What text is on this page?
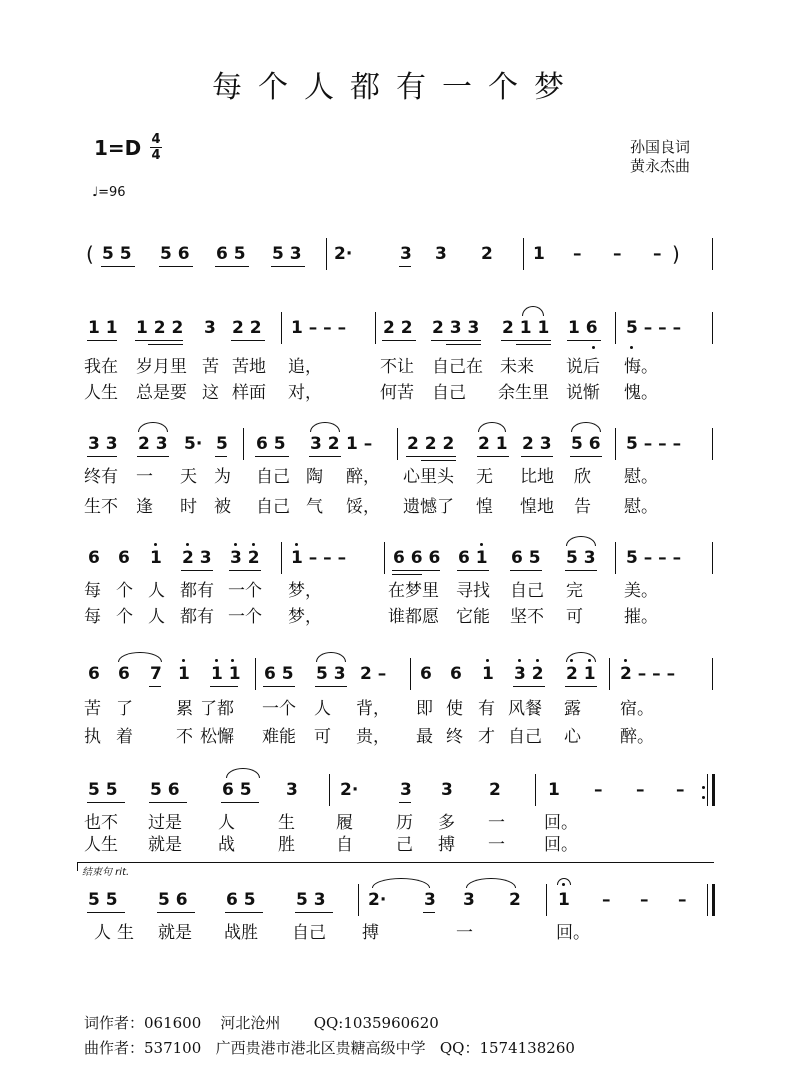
每个人都有一个梦
1=D 4
4
♩=96
孙国良词
黄永杰曲
( 5 5 5 6 6 5 5 3 2·	3 3 2 1 – – – )
1 1 1 2 2 3 2 2 1 – – – 2 2 2 3 3 2 1 1 1 6 5 – – –
我在 岁月里 苦 苦地 追，	不让 自己在 未来 说后 悔。
人生 总是要 这 样面 对，	何苦 自己 余生里 说惭 愧。
3 3 2 3 5· 5 6 5 3 2 1 – 2 2 2 2 1 2 3 5 6 5 – – –
终有 一 天 为 自己 陶 醉， 心里头 无 比地 欣 慰。
生不 逢 时 被 自己 气 馁， 遗憾了 惶 惶地 告 慰。
6 6 1 2 3 3 2 1 – – –	6 6 6 6 1 6 5 5 3 5 – – –
每 个 人 都有 一个 梦，	在梦里 寻找 自己 完 美。
每 个 人 都有 一个 梦，	谁都愿 它能 坚不 可 摧。
6 6 7 1 1 1 6 5 5 3 2 – 6 6 1 3 2 2 1 2 – – –
苦 了	累 了都 一个 人 背， 即 使 有 风餐 露 宿。
执 着	不 松懈 难能 可 贵， 最 终 才 自己 心 醉。
5 5 5 6 6 5 3 2· 3 3 2	1 – – –
也不 过是 人	生 履	历 多 一 回。
人生 就是 战	胜 自	己 搏 一 回。
结束句 rit.
5 5 5 6 6 5 5 3 2· 3 3 2 1 – – –
人生 就是 战胜 自己 搏	一	回。
词作者：061600    河北沧州       QQ:1035960620
曲作者：537100   广西贵港市港北区贵糖高级中学   QQ：1574138260
